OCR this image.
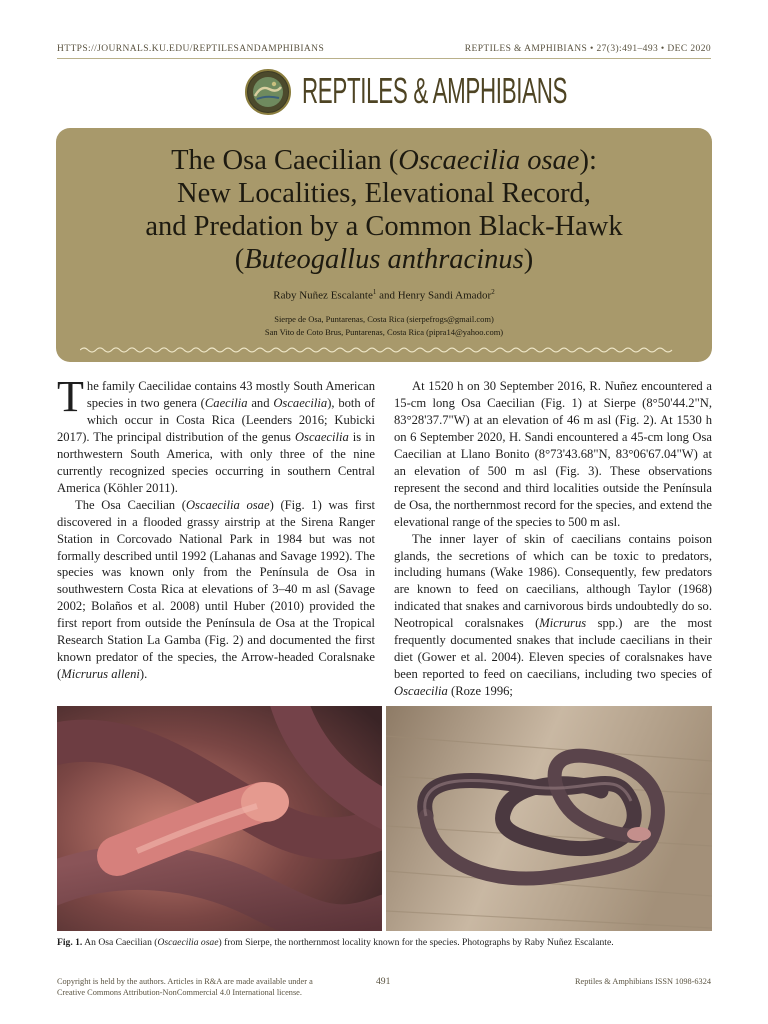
HTTPS://JOURNALS.KU.EDU/REPTILESANDAMPHIBIANS	REPTILES & AMPHIBIANS • 27(3):491–493 • DEC 2020
REPTILES & AMPHIBIANS
The Osa Caecilian (Oscaecilia osae):
New Localities, Elevational Record,
and Predation by a Common Black-Hawk
(Buteogallus anthracinus)
Raby Nuñez Escalante$^1$ and Henry Sandi Amador$^2$
Sierpe de Osa, Puntarenas, Costa Rica (sierpefrogs@gmail.com)
San Vito de Coto Brus, Puntarenas, Costa Rica (pipra14@yahoo.com)

The family Caecilidae contains 43 mostly South American species in two genera (Caecilia and Oscaecilia), both of which occur in Costa Rica (Leenders 2016; Kubicki 2017). The principal distribution of the genus Oscaecilia is in northwestern South America, with only three of the nine currently recognized species occurring in southern Central America (Köhler 2011).

The Osa Caecilian (Oscaecilia osae) (Fig. 1) was first discovered in a flooded grassy airstrip at the Sirena Ranger Station in Corcovado National Park in 1984 but was not formally described until 1992 (Lahanas and Savage 1992). The species was known only from the Península de Osa in southwestern Costa Rica at elevations of 3–40 m asl (Savage 2002; Bolaños et al. 2008) until Huber (2010) provided the first report from outside the Península de Osa at the Tropical Research Station La Gamba (Fig. 2) and documented the first known predator of the species, the Arrow-headed Coralsnake (Micrurus alleni).

At 1520 h on 30 September 2016, R. Nuñez encountered a 15-cm long Osa Caecilian (Fig. 1) at Sierpe (8°50'44.2"N, 83°28'37.7"W) at an elevation of 46 m asl (Fig. 2). At 1530 h on 6 September 2020, H. Sandi encountered a 45-cm long Osa Caecilian at Llano Bonito (8°73'43.68"N, 83°06'67.04"W) at an elevation of 500 m asl (Fig. 3). These observations represent the second and third localities outside the Península de Osa, the northernmost record for the species, and extend the elevational range of the species to 500 m asl.

The inner layer of skin of caecilians contains poison glands, the secretions of which can be toxic to predators, including humans (Wake 1986). Consequently, few predators are known to feed on caecilians, although Taylor (1968) indicated that snakes and carnivorous birds undoubtedly do so. Neotropical coralsnakes (Micrurus spp.) are the most frequently documented snakes that include caecilians in their diet (Gower et al. 2004). Eleven species of coralsnakes have been reported to feed on caecilians, including two species of Oscaecilia (Roze 1996;

Fig. 1. An Osa Caecilian (Oscaecilia osae) from Sierpe, the northernmost locality known for the species. Photographs by Raby Nuñez Escalante.
Copyright is held by the authors. Articles in R&A are made available under a Creative Commons Attribution-NonCommercial 4.0 International license.
491	Reptiles & Amphibians ISSN 1098-6324
